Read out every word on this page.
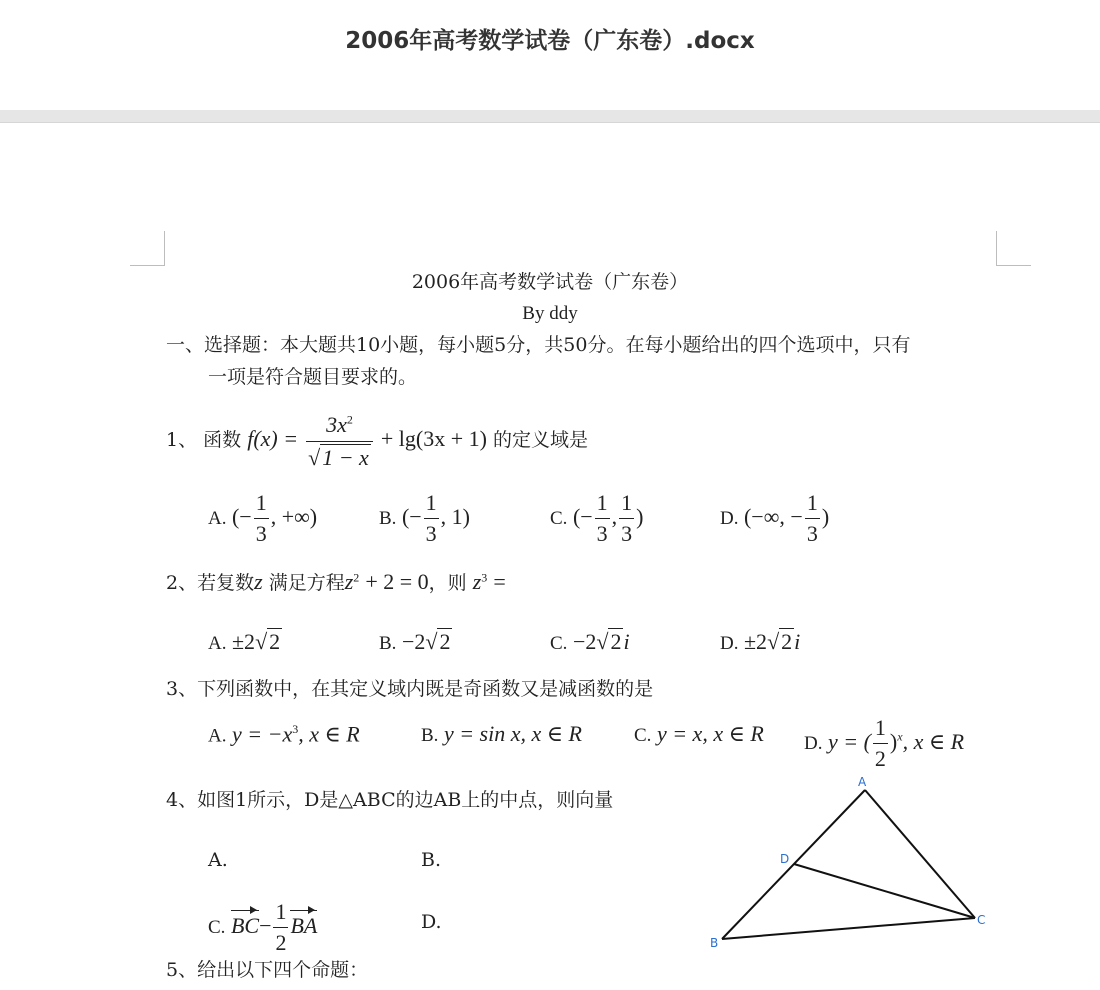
2006年高考数学试卷（广东卷）.docx
2006年高考数学试卷（广东卷）
By ddy
一、选择题：本大题共10小题，每小题5分，共50分。在每小题给出的四个选项中，只有
一项是符合题目要求的。
1、 函数 $f(x) = \frac{3x^2}{√1 - x} + \lg(3x + 1)$ 的定义域是
A. (− $\frac{1}{3}$ , +∞)	B. (− $\frac{1}{3}$ , 1)	C. (− $\frac{1}{3}$ , $\frac{1}{3}$ )	D. (−∞, − $\frac{1}{3}$ )
2、若复数z 满足方程$z^2 + 2 = 0$，则 $z^3$ =
A. ±2√2	B. −2√2	C. −2√2i	D. ±2√2i
3、下列函数中，在其定义域内既是奇函数又是减函数的是
A. $y = -x^3$, x ∈ R	B. y = sin x, x ∈ R	C. y = x, x ∈ R D. y = ( $\frac{1}{2} )^x$, x ∈ R
4、如图1所示，D是△ABC的边AB上的中点，则向量
A.	B.
C. $BC- \frac{1}{2}$ BA	D.
5、给出以下四个命题：
A
D
B
C
